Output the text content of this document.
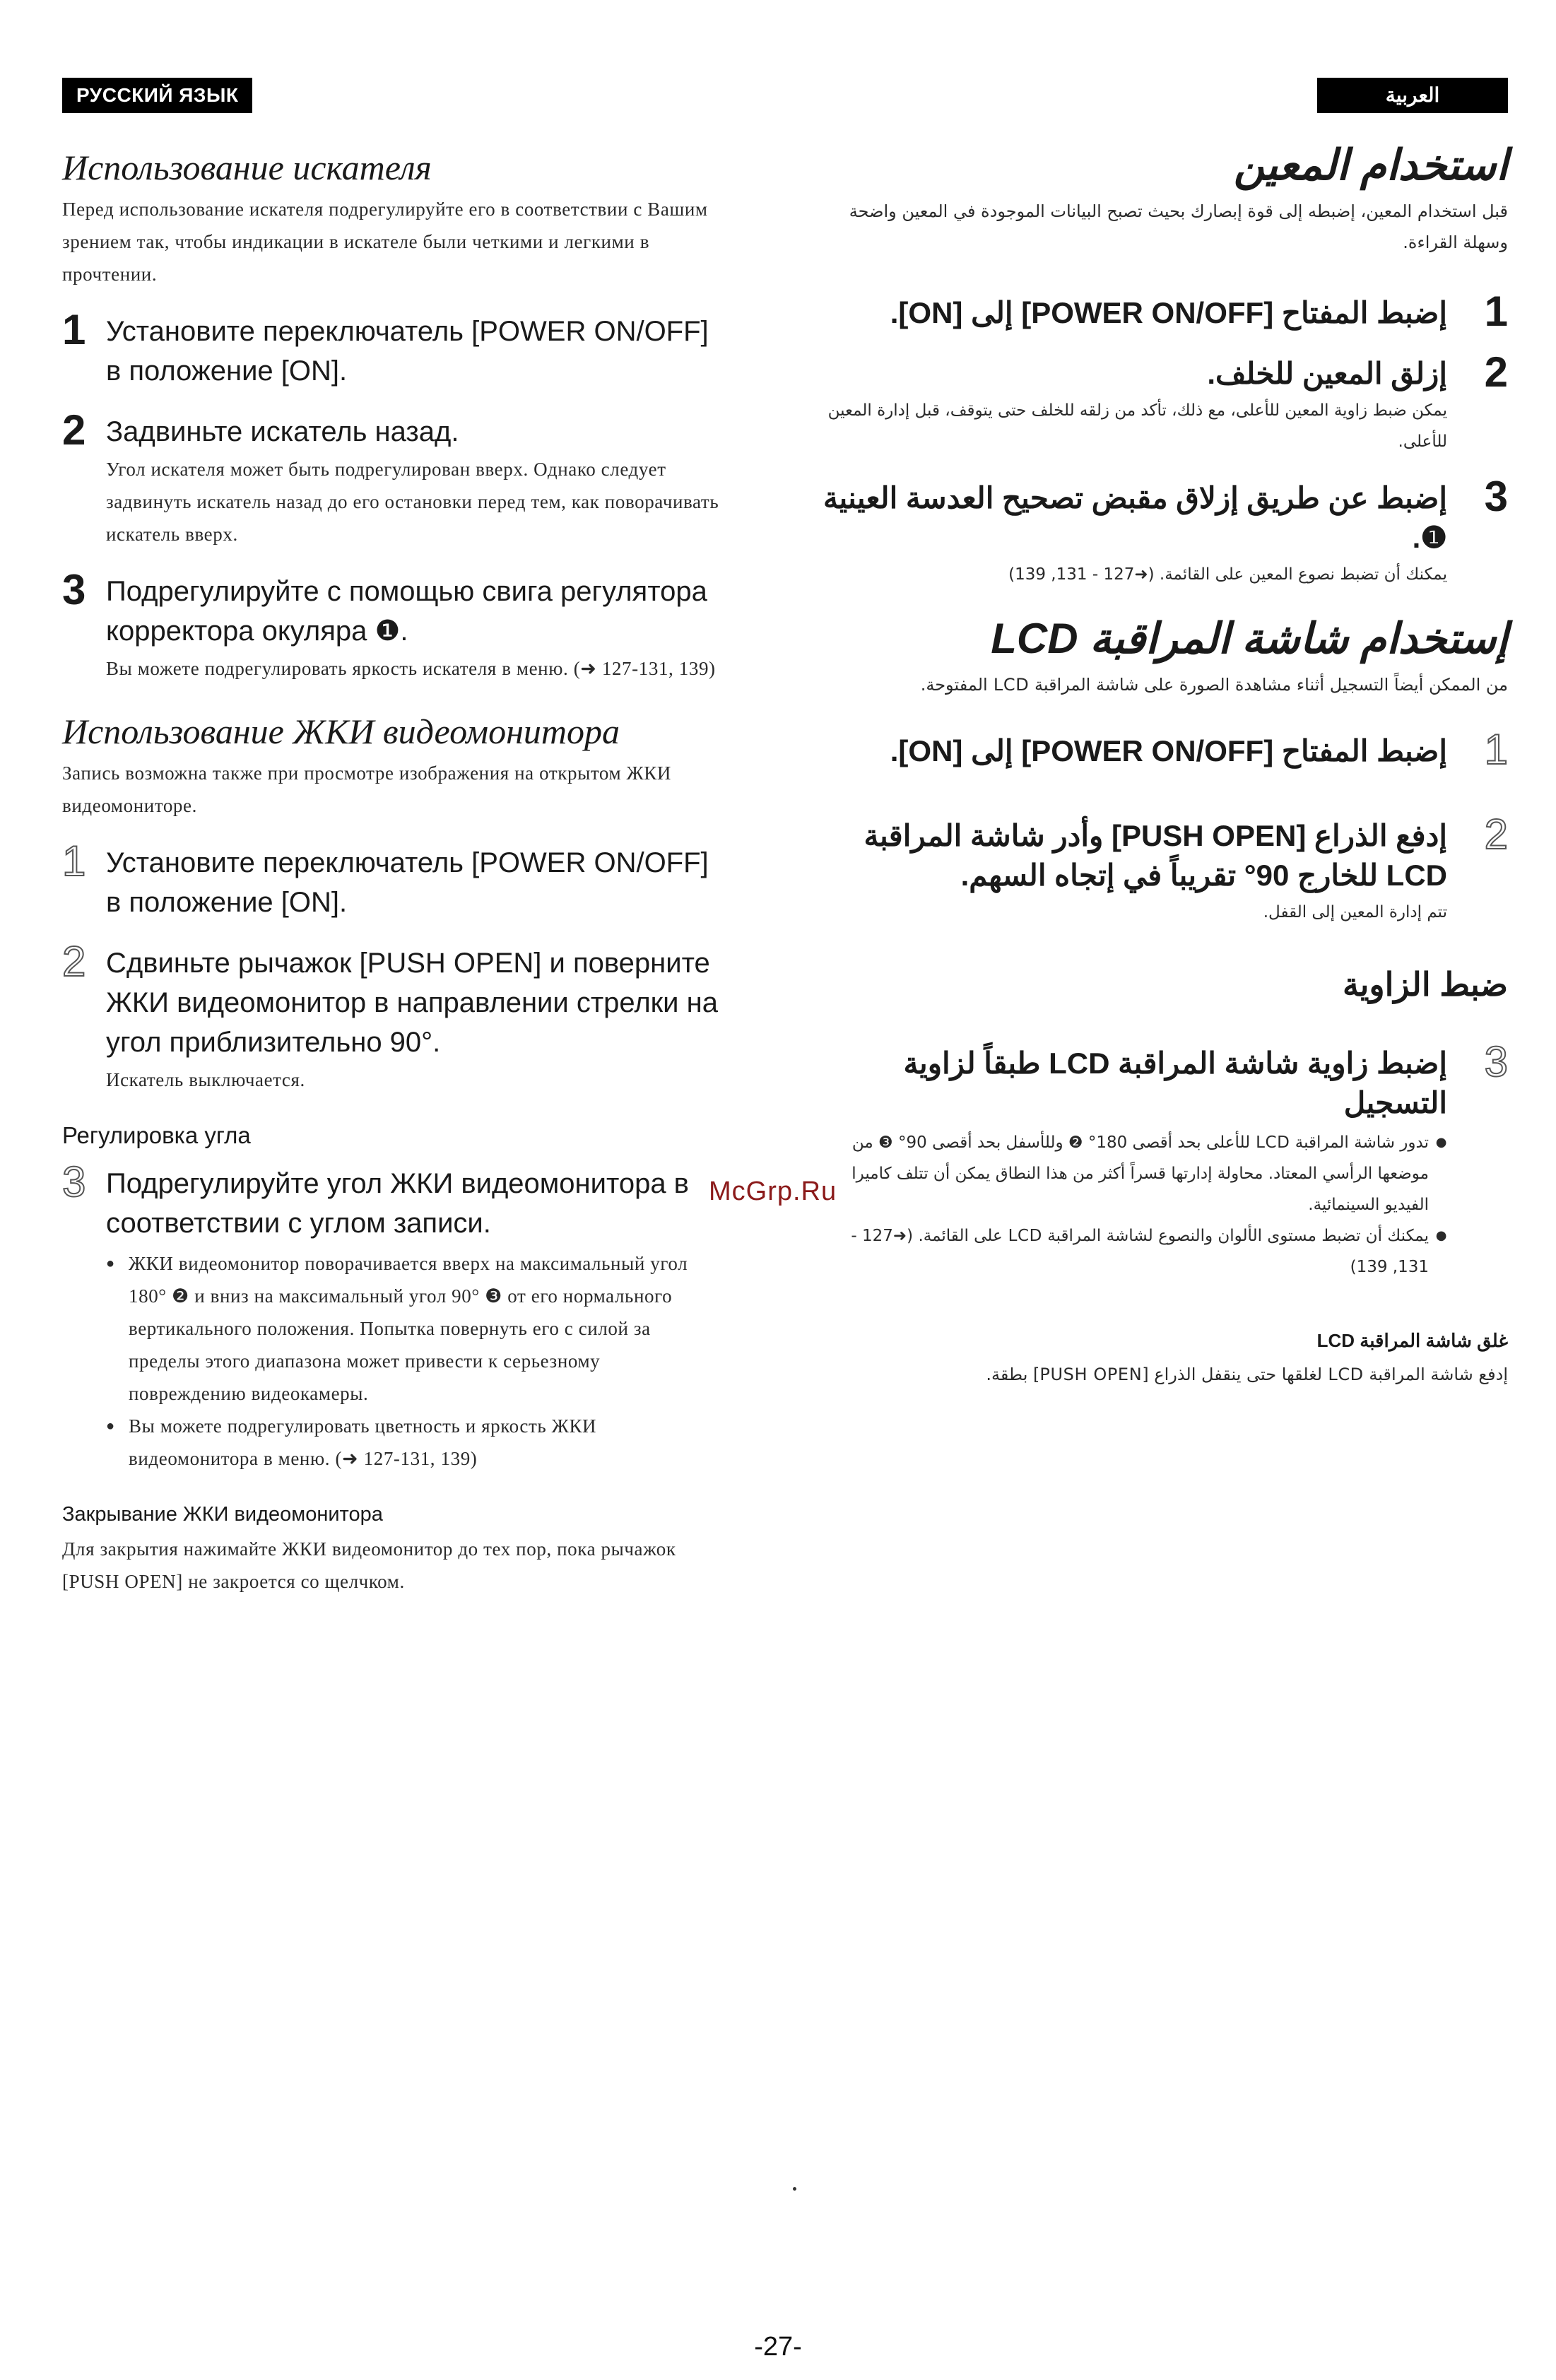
РУССКИЙ ЯЗЫК	العربية
Использование искателя

Перед использование искателя подрегулируйте его в соответствии с Вашим зрением так, чтобы индикации в искателе были четкими и легкими в прочтении.

1 Установите переключатель [POWER ON/OFF] в положение [ON].

2 Задвиньте искатель назад.

Угол искателя может быть подрегулирован вверх. Однако следует задвинуть искатель назад до его остановки перед тем, как поворачивать искатель вверх.

3 Подрегулируйте с помощью свига регулятора корректора окуляра ❶.

Вы можете подрегулировать яркость искателя в меню. (➜ 127-131, 139)

Использование ЖКИ видеомонитора

Запись возможна также при просмотре изображения на открытом ЖКИ видеомониторе.

1 Установите переключатель [POWER ON/OFF] в положение [ON].

2 Сдвиньте рычажок [PUSH OPEN] и поверните ЖКИ видеомонитор в направлении стрелки на угол приблизительно 90°.

Искатель выключается.

Регулировка угла

3 Подрегулируйте угол ЖКИ видеомонитора в соответствии с углом записи.

● ЖКИ видеомонитор поворачивается вверх на максимальный угол 180° ❷ и вниз на максимальный угол 90° ❸ от его нормального вертикального положения. Попытка повернуть его с силой за пределы этого диапазона может привести к серьезному повреждению видеокамеры.
● Вы можете подрегулировать цветность и яркость ЖКИ видеомонитора в меню. (➜ 127-131, 139)

Закрывание ЖКИ видеомонитора

Для закрытия нажимайте ЖКИ видеомонитор до тех пор, пока рычажок [PUSH OPEN] не закроется со щелчком.

استخدام المعين

قبل استخدام المعين، إضبطه إلى قوة إبصارك بحيث تصبح البيانات الموجودة في المعين واضحة وسهلة القراءة.

1

إضبط المفتاح [POWER ON/OFF] إلى [ON].

2

إزلق المعين للخلف.

يمكن ضبط زاوية المعين للأعلى، مع ذلك، تأكد من زلقه للخلف حتى يتوقف، قبل إدارة المعين للأعلى.

3

إضبط عن طريق إزلاق مقبض تصحيح العدسة العينية ❶.

يمكنك أن تضبط نصوع المعين على القائمة. (➜127 - 131, 139)

إستخدام شاشة المراقبة LCD

من الممكن أيضاً التسجيل أثناء مشاهدة الصورة على شاشة المراقبة LCD المفتوحة.

1

إضبط المفتاح [POWER ON/OFF] إلى [ON].

2

إدفع الذراع [PUSH OPEN] وأدر شاشة المراقبة LCD للخارج 90° تقريباً في إتجاه السهم.

تتم إدارة المعين إلى القفل.

ضبط الزاوية

3

إضبط زاوية شاشة المراقبة LCD طبقاً لزاوية التسجيل

● تدور شاشة المراقبة LCD للأعلى بحد أقصى 180° ❷ وللأسفل بحد أقصى 90° ❸ من موضعها الرأسي المعتاد. محاولة إدارتها قسراً أكثر من هذا النطاق يمكن أن تتلف كاميرا الفيديو السينمائية.
● يمكنك أن تضبط مستوى الألوان والنصوع لشاشة المراقبة LCD على القائمة. (➜127 - 131, 139)

غلق شاشة المراقبة LCD

إدفع شاشة المراقبة LCD لغلقها حتى ينقفل الذراع [PUSH OPEN] بطقة.

McGrp.Ru
-27-
